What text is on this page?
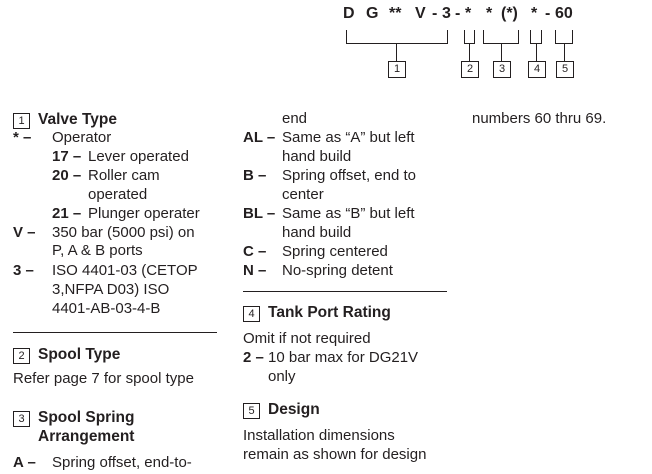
D G ** V - 3 - * * (*) * - 60
1	2	3	4	5
1 Valve Type
* – Operator
17 – Lever operated
20 – Roller cam
operated
21 – Plunger operater
V – 350 bar (5000 psi) on
P, A & B ports
3 – ISO 4401-03 (CETOP
3,NFPA D03) ISO
4401-AB-03-4-B
2 Spool Type
Refer page 7 for spool type
3 Spool Spring
Arrangement
A – Spring offset, end-to-
end
AL – Same as “A” but left
hand build
B – Spring offset, end to
center
BL – Same as “B” but left
hand build
C – Spring centered
N – No-spring detent
4 Tank Port Rating
Omit if not required
2 – 10 bar max for DG21V
only
5 Design
Installation dimensions
remain as shown for design
numbers 60 thru 69.
